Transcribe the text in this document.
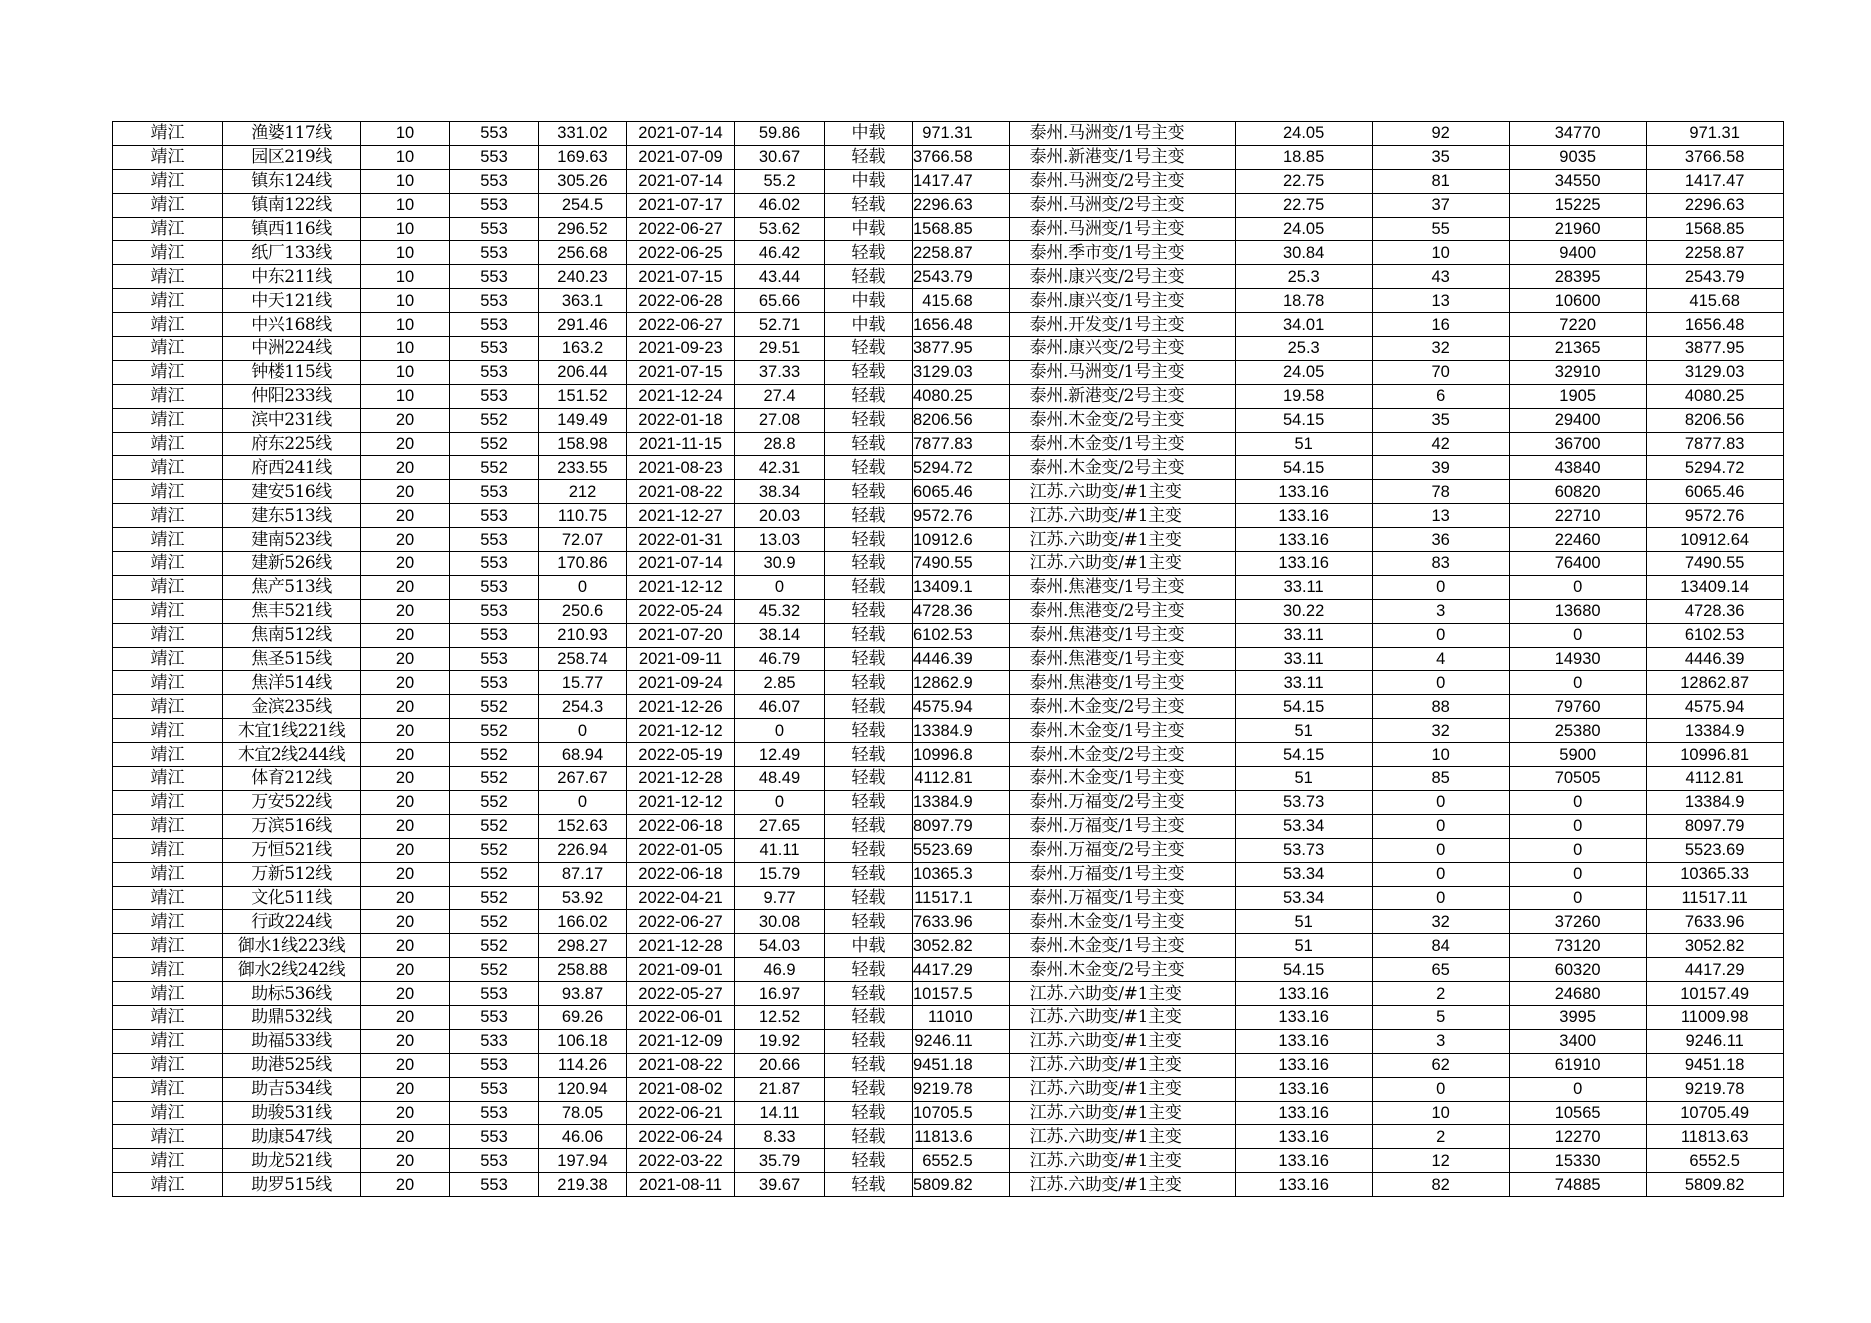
靖江	渔婆117线	10	553	331.02	2021-07-14	59.86	中载	971.31	泰州.马洲变/1号主变	24.05	92	34770	971.31
靖江	园区219线	10	553	169.63	2021-07-09	30.67	轻载	3766.58	泰州.新港变/1号主变	18.85	35	9035	3766.58
靖江	镇东124线	10	553	305.26	2021-07-14	55.2	中载	1417.47	泰州.马洲变/2号主变	22.75	81	34550	1417.47
靖江	镇南122线	10	553	254.5	2021-07-17	46.02	轻载	2296.63	泰州.马洲变/2号主变	22.75	37	15225	2296.63
靖江	镇西116线	10	553	296.52	2022-06-27	53.62	中载	1568.85	泰州.马洲变/1号主变	24.05	55	21960	1568.85
靖江	纸厂133线	10	553	256.68	2022-06-25	46.42	轻载	2258.87	泰州.季市变/1号主变	30.84	10	9400	2258.87
靖江	中东211线	10	553	240.23	2021-07-15	43.44	轻载	2543.79	泰州.康兴变/2号主变	25.3	43	28395	2543.79
靖江	中天121线	10	553	363.1	2022-06-28	65.66	中载	415.68	泰州.康兴变/1号主变	18.78	13	10600	415.68
靖江	中兴168线	10	553	291.46	2022-06-27	52.71	中载	1656.48	泰州.开发变/1号主变	34.01	16	7220	1656.48
靖江	中洲224线	10	553	163.2	2021-09-23	29.51	轻载	3877.95	泰州.康兴变/2号主变	25.3	32	21365	3877.95
靖江	钟楼115线	10	553	206.44	2021-07-15	37.33	轻载	3129.03	泰州.马洲变/1号主变	24.05	70	32910	3129.03
靖江	仲阳233线	10	553	151.52	2021-12-24	27.4	轻载	4080.25	泰州.新港变/2号主变	19.58	6	1905	4080.25
靖江	滨中231线	20	552	149.49	2022-01-18	27.08	轻载	8206.56	泰州.木金变/2号主变	54.15	35	29400	8206.56
靖江	府东225线	20	552	158.98	2021-11-15	28.8	轻载	7877.83	泰州.木金变/1号主变	51	42	36700	7877.83
靖江	府西241线	20	552	233.55	2021-08-23	42.31	轻载	5294.72	泰州.木金变/2号主变	54.15	39	43840	5294.72
靖江	建安516线	20	553	212	2021-08-22	38.34	轻载	6065.46	江苏.六助变/#1主变	133.16	78	60820	6065.46
靖江	建东513线	20	553	110.75	2021-12-27	20.03	轻载	9572.76	江苏.六助变/#1主变	133.16	13	22710	9572.76
靖江	建南523线	20	553	72.07	2022-01-31	13.03	轻载	10912.6	江苏.六助变/#1主变	133.16	36	22460	10912.64
靖江	建新526线	20	553	170.86	2021-07-14	30.9	轻载	7490.55	江苏.六助变/#1主变	133.16	83	76400	7490.55
靖江	焦产513线	20	553	0	2021-12-12	0	轻载	13409.1	泰州.焦港变/1号主变	33.11	0	0	13409.14
靖江	焦丰521线	20	553	250.6	2022-05-24	45.32	轻载	4728.36	泰州.焦港变/2号主变	30.22	3	13680	4728.36
靖江	焦南512线	20	553	210.93	2021-07-20	38.14	轻载	6102.53	泰州.焦港变/1号主变	33.11	0	0	6102.53
靖江	焦圣515线	20	553	258.74	2021-09-11	46.79	轻载	4446.39	泰州.焦港变/1号主变	33.11	4	14930	4446.39
靖江	焦洋514线	20	553	15.77	2021-09-24	2.85	轻载	12862.9	泰州.焦港变/1号主变	33.11	0	0	12862.87
靖江	金滨235线	20	552	254.3	2021-12-26	46.07	轻载	4575.94	泰州.木金变/2号主变	54.15	88	79760	4575.94
靖江	木宜1线221线	20	552	0	2021-12-12	0	轻载	13384.9	泰州.木金变/1号主变	51	32	25380	13384.9
靖江	木宜2线244线	20	552	68.94	2022-05-19	12.49	轻载	10996.8	泰州.木金变/2号主变	54.15	10	5900	10996.81
靖江	体育212线	20	552	267.67	2021-12-28	48.49	轻载	4112.81	泰州.木金变/1号主变	51	85	70505	4112.81
靖江	万安522线	20	552	0	2021-12-12	0	轻载	13384.9	泰州.万福变/2号主变	53.73	0	0	13384.9
靖江	万滨516线	20	552	152.63	2022-06-18	27.65	轻载	8097.79	泰州.万福变/1号主变	53.34	0	0	8097.79
靖江	万恒521线	20	552	226.94	2022-01-05	41.11	轻载	5523.69	泰州.万福变/2号主变	53.73	0	0	5523.69
靖江	万新512线	20	552	87.17	2022-06-18	15.79	轻载	10365.3	泰州.万福变/1号主变	53.34	0	0	10365.33
靖江	文化511线	20	552	53.92	2022-04-21	9.77	轻载	11517.1	泰州.万福变/1号主变	53.34	0	0	11517.11
靖江	行政224线	20	552	166.02	2022-06-27	30.08	轻载	7633.96	泰州.木金变/1号主变	51	32	37260	7633.96
靖江	御水1线223线	20	552	298.27	2021-12-28	54.03	中载	3052.82	泰州.木金变/1号主变	51	84	73120	3052.82
靖江	御水2线242线	20	552	258.88	2021-09-01	46.9	轻载	4417.29	泰州.木金变/2号主变	54.15	65	60320	4417.29
靖江	助标536线	20	553	93.87	2022-05-27	16.97	轻载	10157.5	江苏.六助变/#1主变	133.16	2	24680	10157.49
靖江	助鼎532线	20	553	69.26	2022-06-01	12.52	轻载	11010	江苏.六助变/#1主变	133.16	5	3995	11009.98
靖江	助福533线	20	533	106.18	2021-12-09	19.92	轻载	9246.11	江苏.六助变/#1主变	133.16	3	3400	9246.11
靖江	助港525线	20	553	114.26	2021-08-22	20.66	轻载	9451.18	江苏.六助变/#1主变	133.16	62	61910	9451.18
靖江	助吉534线	20	553	120.94	2021-08-02	21.87	轻载	9219.78	江苏.六助变/#1主变	133.16	0	0	9219.78
靖江	助骏531线	20	553	78.05	2022-06-21	14.11	轻载	10705.5	江苏.六助变/#1主变	133.16	10	10565	10705.49
靖江	助康547线	20	553	46.06	2022-06-24	8.33	轻载	11813.6	江苏.六助变/#1主变	133.16	2	12270	11813.63
靖江	助龙521线	20	553	197.94	2022-03-22	35.79	轻载	6552.5	江苏.六助变/#1主变	133.16	12	15330	6552.5
靖江	助罗515线	20	553	219.38	2021-08-11	39.67	轻载	5809.82	江苏.六助变/#1主变	133.16	82	74885	5809.82
